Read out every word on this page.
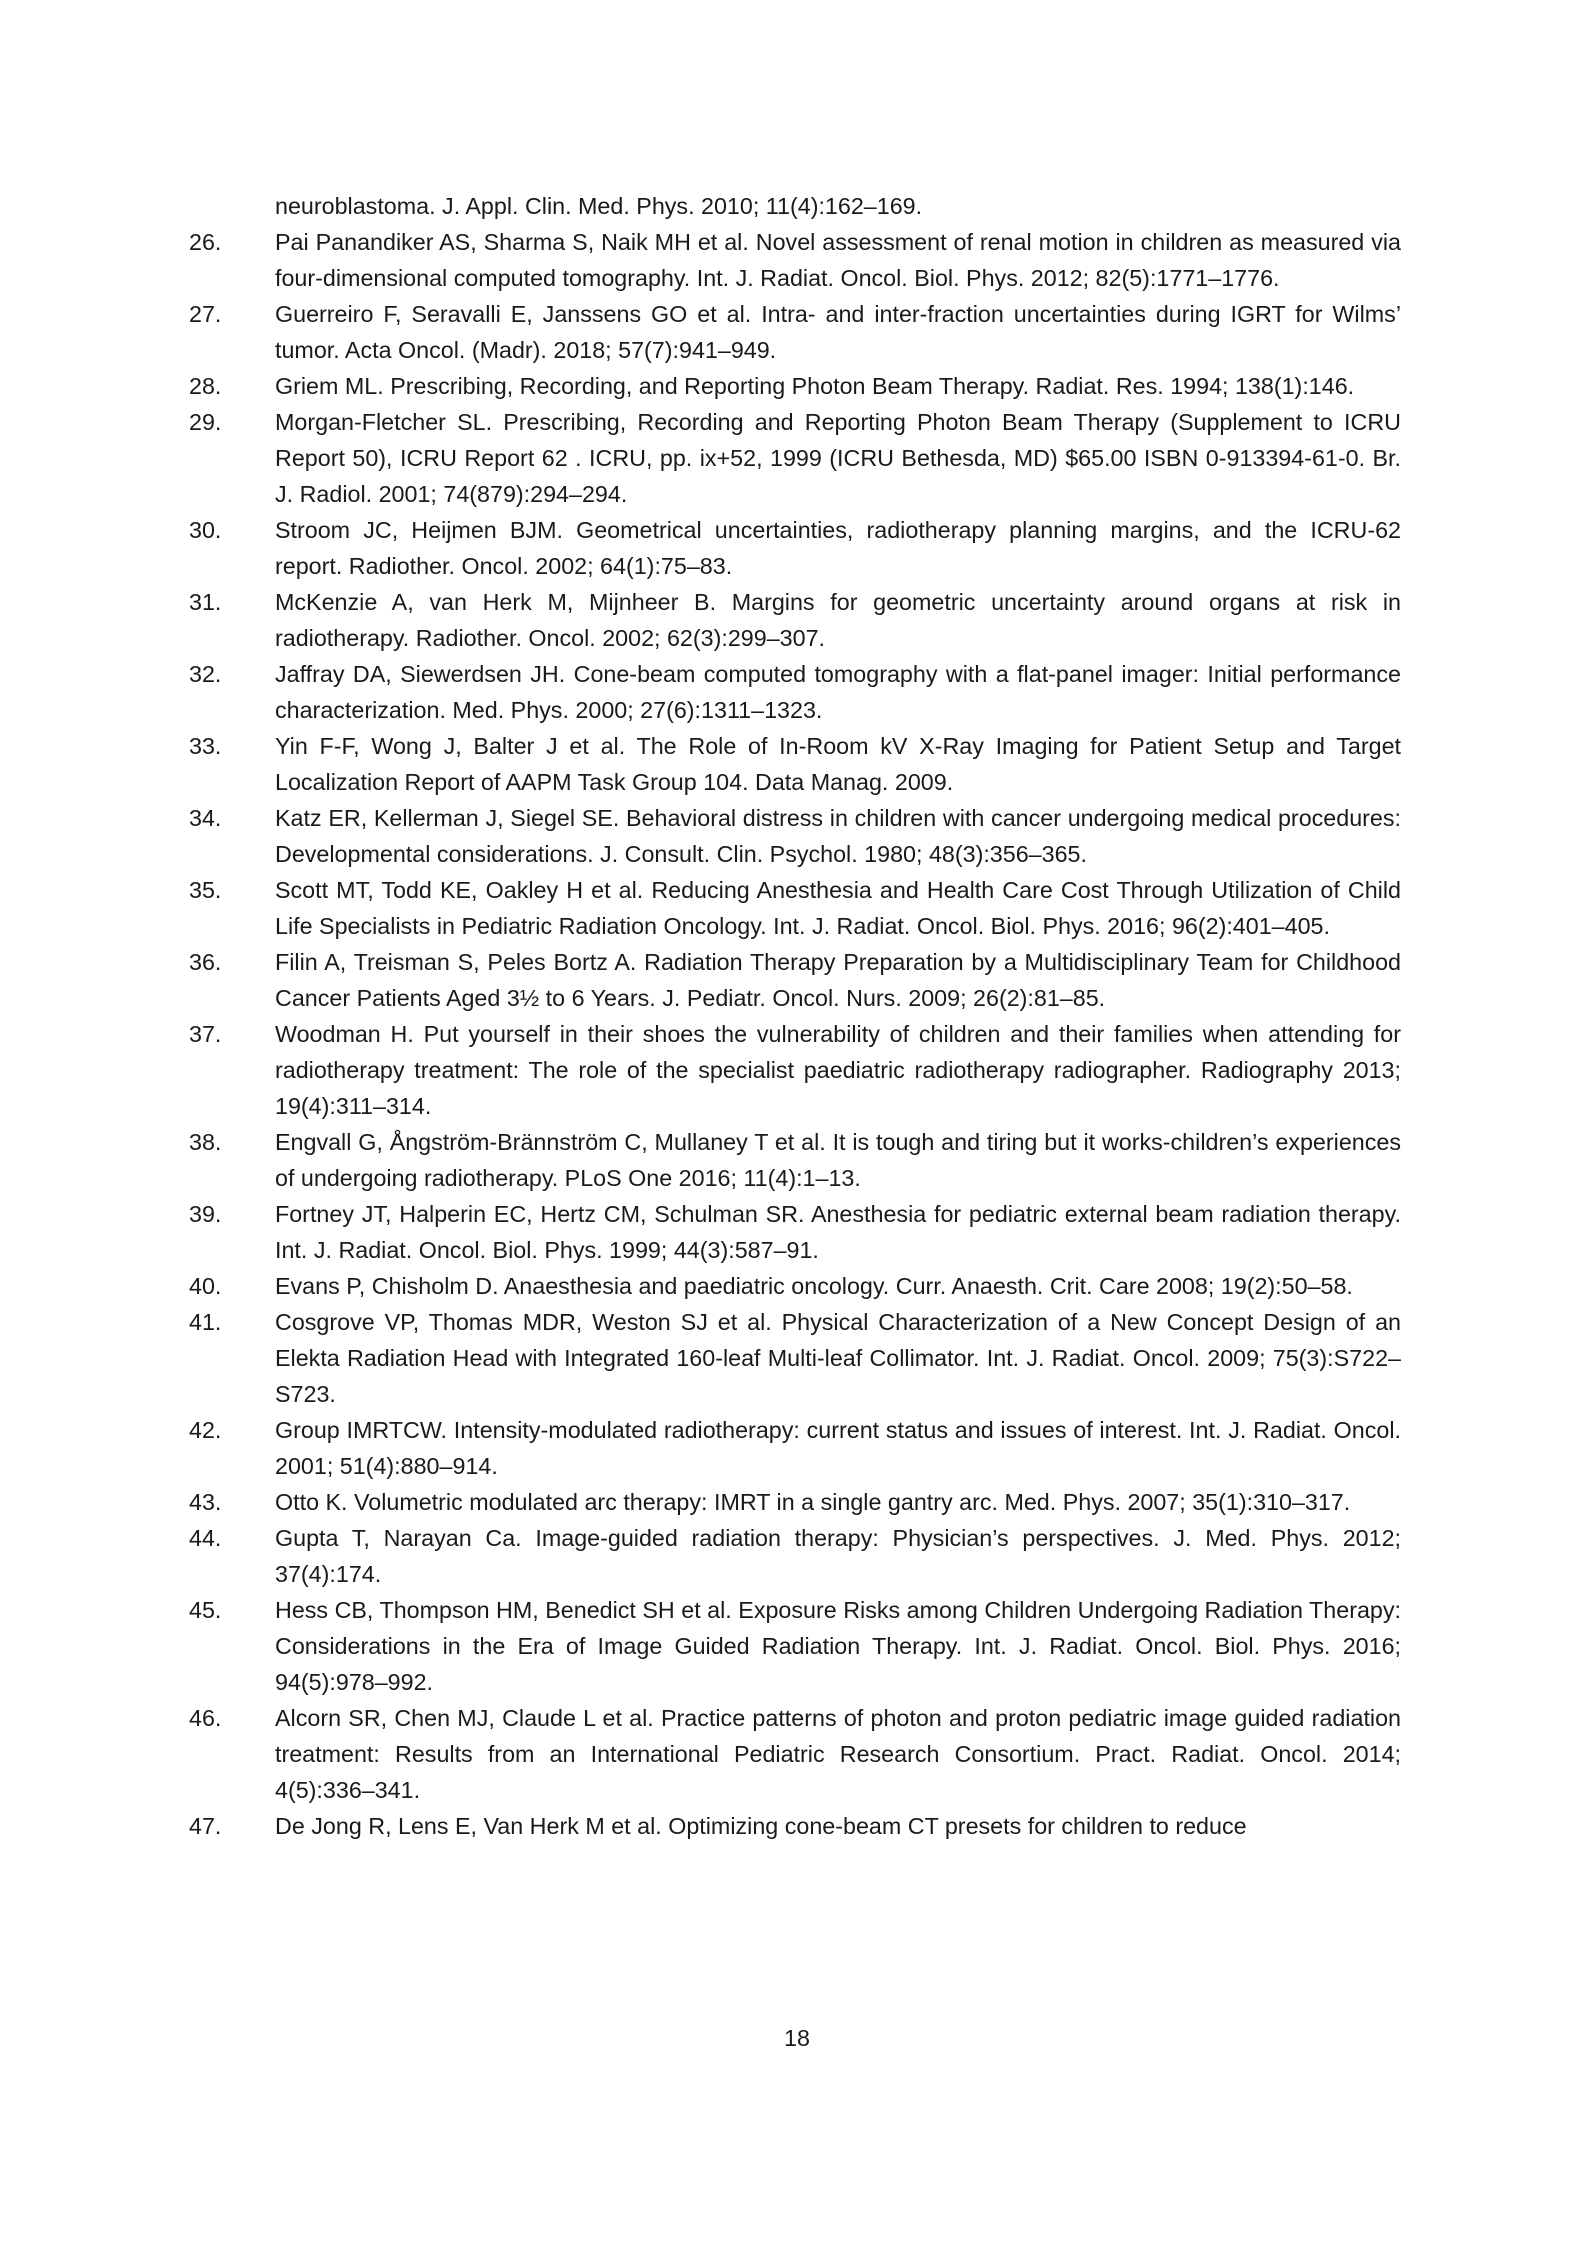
neuroblastoma. J. Appl. Clin. Med. Phys. 2010; 11(4):162–169.
26.	Pai Panandiker AS, Sharma S, Naik MH et al. Novel assessment of renal motion in children as measured via four-dimensional computed tomography. Int. J. Radiat. Oncol. Biol. Phys. 2012; 82(5):1771–1776.
27.	Guerreiro F, Seravalli E, Janssens GO et al. Intra- and inter-fraction uncertainties during IGRT for Wilms’ tumor. Acta Oncol. (Madr). 2018; 57(7):941–949.
28.	Griem ML. Prescribing, Recording, and Reporting Photon Beam Therapy. Radiat. Res. 1994; 138(1):146.
29.	Morgan-Fletcher SL. Prescribing, Recording and Reporting Photon Beam Therapy (Supplement to ICRU Report 50), ICRU Report 62 . ICRU, pp. ix+52, 1999 (ICRU Bethesda, MD) $65.00 ISBN 0-913394-61-0. Br. J. Radiol. 2001; 74(879):294–294.
30.	Stroom JC, Heijmen BJM. Geometrical uncertainties, radiotherapy planning margins, and the ICRU-62 report. Radiother. Oncol. 2002; 64(1):75–83.
31.	McKenzie A, van Herk M, Mijnheer B. Margins for geometric uncertainty around organs at risk in radiotherapy. Radiother. Oncol. 2002; 62(3):299–307.
32.	Jaffray DA, Siewerdsen JH. Cone-beam computed tomography with a flat-panel imager: Initial performance characterization. Med. Phys. 2000; 27(6):1311–1323.
33.	Yin F-F, Wong J, Balter J et al. The Role of In-Room kV X-Ray Imaging for Patient Setup and Target Localization Report of AAPM Task Group 104. Data Manag. 2009.
34.	Katz ER, Kellerman J, Siegel SE. Behavioral distress in children with cancer undergoing medical procedures: Developmental considerations. J. Consult. Clin. Psychol. 1980; 48(3):356–365.
35.	Scott MT, Todd KE, Oakley H et al. Reducing Anesthesia and Health Care Cost Through Utilization of Child Life Specialists in Pediatric Radiation Oncology. Int. J. Radiat. Oncol. Biol. Phys. 2016; 96(2):401–405.
36.	Filin A, Treisman S, Peles Bortz A. Radiation Therapy Preparation by a Multidisciplinary Team for Childhood Cancer Patients Aged 3½ to 6 Years. J. Pediatr. Oncol. Nurs. 2009; 26(2):81–85.
37.	Woodman H. Put yourself in their shoes the vulnerability of children and their families when attending for radiotherapy treatment: The role of the specialist paediatric radiotherapy radiographer. Radiography 2013; 19(4):311–314.
38.	Engvall G, Ångström-Brännström C, Mullaney T et al. It is tough and tiring but it works-children’s experiences of undergoing radiotherapy. PLoS One 2016; 11(4):1–13.
39.	Fortney JT, Halperin EC, Hertz CM, Schulman SR. Anesthesia for pediatric external beam radiation therapy. Int. J. Radiat. Oncol. Biol. Phys. 1999; 44(3):587–91.
40.	Evans P, Chisholm D. Anaesthesia and paediatric oncology. Curr. Anaesth. Crit. Care 2008; 19(2):50–58.
41.	Cosgrove VP, Thomas MDR, Weston SJ et al. Physical Characterization of a New Concept Design of an Elekta Radiation Head with Integrated 160-leaf Multi-leaf Collimator. Int. J. Radiat. Oncol. 2009; 75(3):S722–S723.
42.	Group IMRTCW. Intensity-modulated radiotherapy: current status and issues of interest. Int. J. Radiat. Oncol. 2001; 51(4):880–914.
43.	Otto K. Volumetric modulated arc therapy: IMRT in a single gantry arc. Med. Phys. 2007; 35(1):310–317.
44.	Gupta T, Narayan Ca. Image-guided radiation therapy: Physician’s perspectives. J. Med. Phys. 2012; 37(4):174.
45.	Hess CB, Thompson HM, Benedict SH et al. Exposure Risks among Children Undergoing Radiation Therapy: Considerations in the Era of Image Guided Radiation Therapy. Int. J. Radiat. Oncol. Biol. Phys. 2016; 94(5):978–992.
46.	Alcorn SR, Chen MJ, Claude L et al. Practice patterns of photon and proton pediatric image guided radiation treatment: Results from an International Pediatric Research Consortium. Pract. Radiat. Oncol. 2014; 4(5):336–341.
47.	De Jong R, Lens E, Van Herk M et al. Optimizing cone-beam CT presets for children to reduce
18
